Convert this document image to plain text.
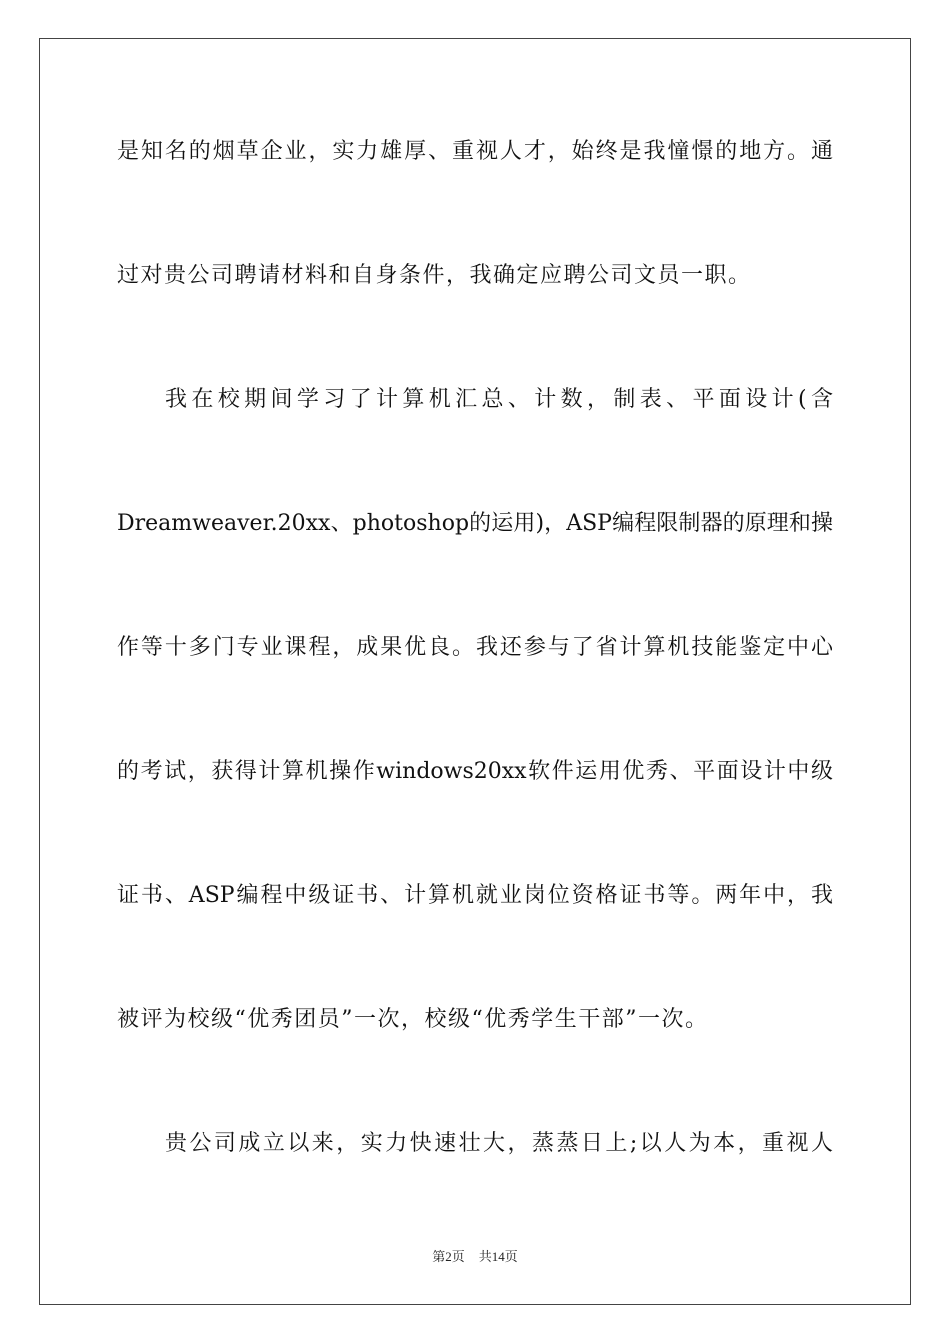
是知名的烟草企业，实力雄厚、重视人才，始终是我憧憬的地方。通
过对贵公司聘请材料和自身条件，我确定应聘公司文员一职。
我在校期间学习了计算机汇总、计数，制表、平面设计(含
Dreamweaver.20xx、photoshop的运用)，ASP编程限制器的原理和操
作等十多门专业课程，成果优良。我还参与了省计算机技能鉴定中心
的考试，获得计算机操作windows20xx软件运用优秀、平面设计中级
证书、ASP编程中级证书、计算机就业岗位资格证书等。两年中，我
被评为校级“优秀团员”一次，校级“优秀学生干部”一次。
贵公司成立以来，实力快速壮大，蒸蒸日上;以人为本，重视人
第2页 共14页
